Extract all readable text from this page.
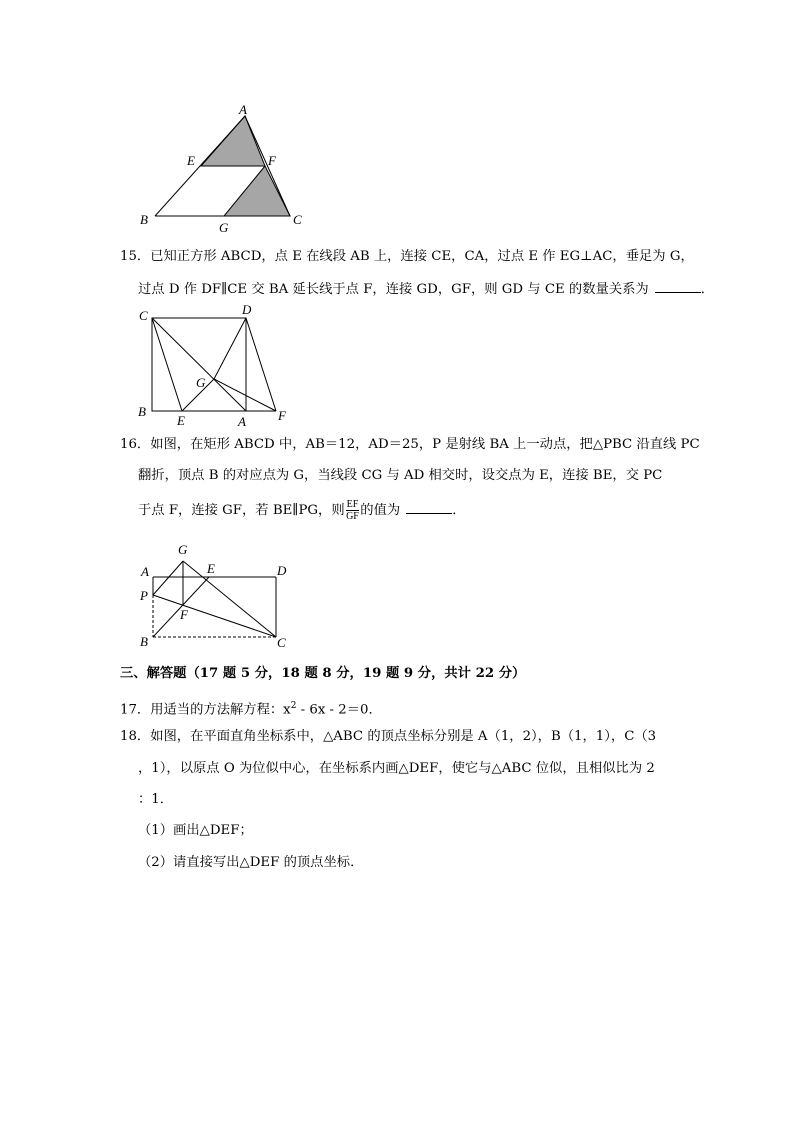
A
E	F
B
G
C
15．已知正方形 ABCD，点 E 在线段 AB 上，连接 CE，CA，过点 E 作 EG⊥AC，垂足为 G，
过点 D 作 DF∥CE 交 BA 延长线于点 F，连接 GD，GF，则 GD 与 CE 的数量关系为	．
C	D
G
B
E	A F
16．如图，在矩形 ABCD 中，AB＝12，AD＝25，P 是射线 BA 上一动点，把△PBC 沿直线 PC
翻折，顶点 B 的对应点为 G，当线段 CG 与 AD 相交时，设交点为 E，连接 BE，交 PC
于点 F，连接 GF，若 BE∥PG，则 $\frac{EF}{GF}$ 的值为	．
G
A	E	D
P
F
B	C
三、解答题（17 题 5 分，18 题 8 分，19 题 9 分，共计 22 分）
17．用适当的方法解方程：$x^2 - 6x - 2=0$．
18．如图，在平面直角坐标系中，△ABC 的顶点坐标分别是 A（1，2），B（1，1），C（3
，1），以原点 O 为位似中心，在坐标系内画△DEF，使它与△ABC 位似，且相似比为 2
：1．
（1）画出△DEF；
（2）请直接写出△DEF 的顶点坐标．
